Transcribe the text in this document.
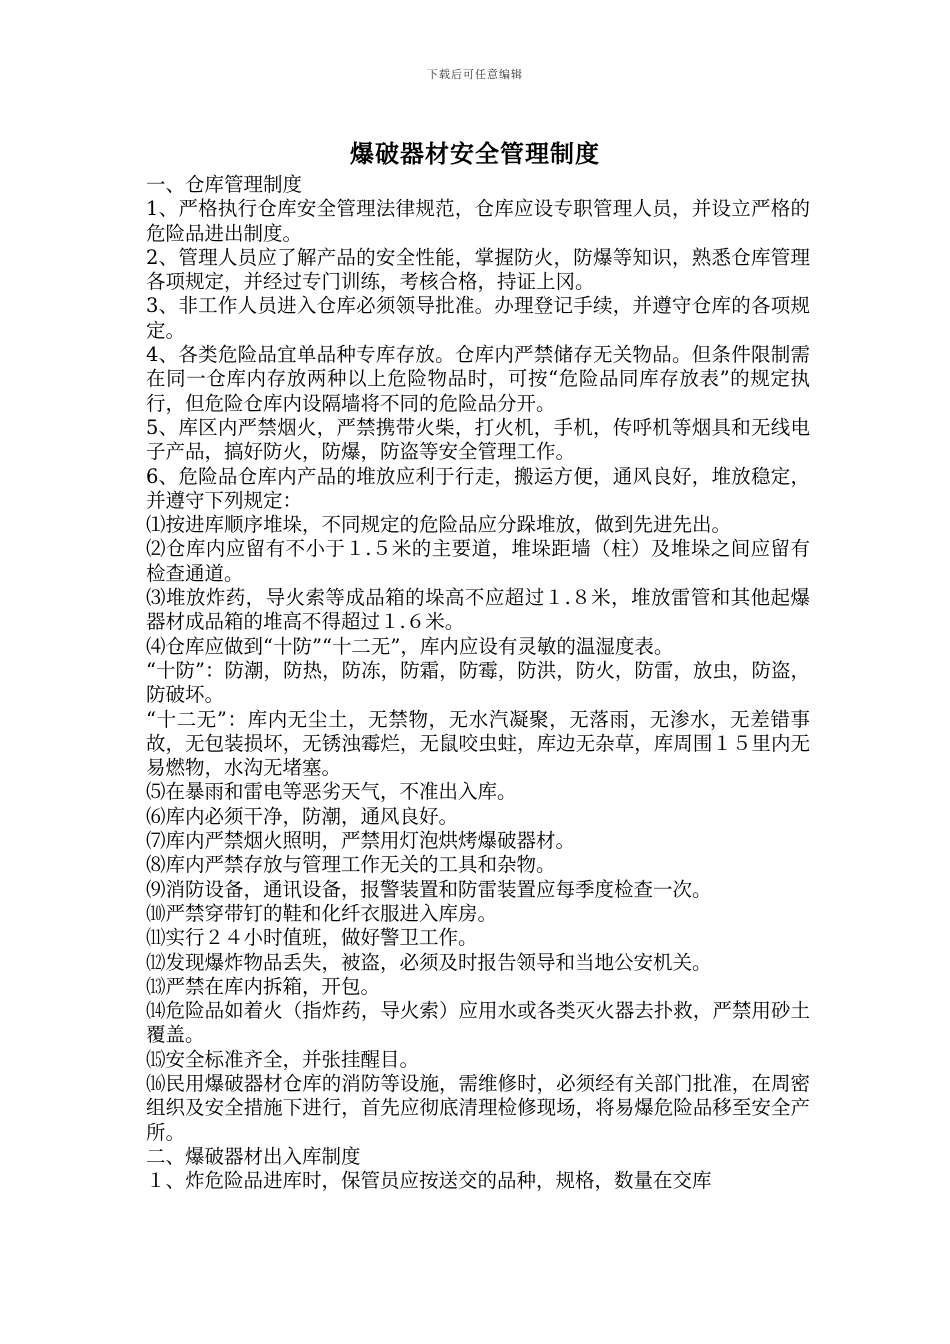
下载后可任意编辑
爆破器材安全管理制度

一、仓库管理制度

1、严格执行仓库安全管理法律规范，仓库应设专职管理人员，并设立严格的危险品进出制度。

2、管理人员应了解产品的安全性能，掌握防火，防爆等知识，熟悉仓库管理各项规定，并经过专门训练，考核合格，持证上冈。

3、非工作人员进入仓库必须领导批准。办理登记手续，并遵守仓库的各项规定。

4、各类危险品宜单品种专库存放。仓库内严禁储存无关物品。但条件限制需在同一仓库内存放两种以上危险物品时，可按“危险品同库存放表”的规定执行，但危险仓库内设隔墙将不同的危险品分开。

5、库区内严禁烟火，严禁携带火柴，打火机，手机，传呼机等烟具和无线电子产品，搞好防火，防爆，防盗等安全管理工作。

6、危险品仓库内产品的堆放应利于行走，搬运方便，通风良好，堆放稳定，并遵守下列规定：

⑴按进库顺序堆垛，不同规定的危险品应分跺堆放，做到先进先出。

⑵仓库内应留有不小于１.５米的主要道，堆垛距墙（柱）及堆垛之间应留有检查通道。

⑶堆放炸药，导火索等成品箱的垛高不应超过１.８米，堆放雷管和其他起爆器材成品箱的堆高不得超过１.６米。

⑷仓库应做到“十防”“十二无”，库内应设有灵敏的温湿度表。

“十防”：防潮，防热，防冻，防霜，防霉，防洪，防火，防雷，放虫，防盗，防破坏。

“十二无”：库内无尘土，无禁物，无水汽凝聚，无落雨，无渗水，无差错事故，无包装损坏，无锈浊霉烂，无鼠咬虫蛀，库边无杂草，库周围１５里内无易燃物，水沟无堵塞。

⑸在暴雨和雷电等恶劣天气，不准出入库。

⑹库内必须干净，防潮，通风良好。

⑺库内严禁烟火照明，严禁用灯泡烘烤爆破器材。

⑻库内严禁存放与管理工作无关的工具和杂物。

⑼消防设备，通讯设备，报警装置和防雷装置应每季度检查一次。

⑽严禁穿带钉的鞋和化纤衣服进入库房。

⑾实行２４小时值班，做好警卫工作。

⑿发现爆炸物品丢失，被盗，必须及时报告领导和当地公安机关。

⒀严禁在库内拆箱，开包。

⒁危险品如着火（指炸药，导火索）应用水或各类灭火器去扑救，严禁用砂土覆盖。

⒂安全标准齐全，并张挂醒目。

⒃民用爆破器材仓库的消防等设施，需维修时，必须经有关部门批准，在周密组织及安全措施下进行，首先应彻底清理检修现场，将易爆危险品移至安全产所。

二、爆破器材出入库制度

１、炸危险品进库时，保管员应按送交的品种，规格，数量在交库
